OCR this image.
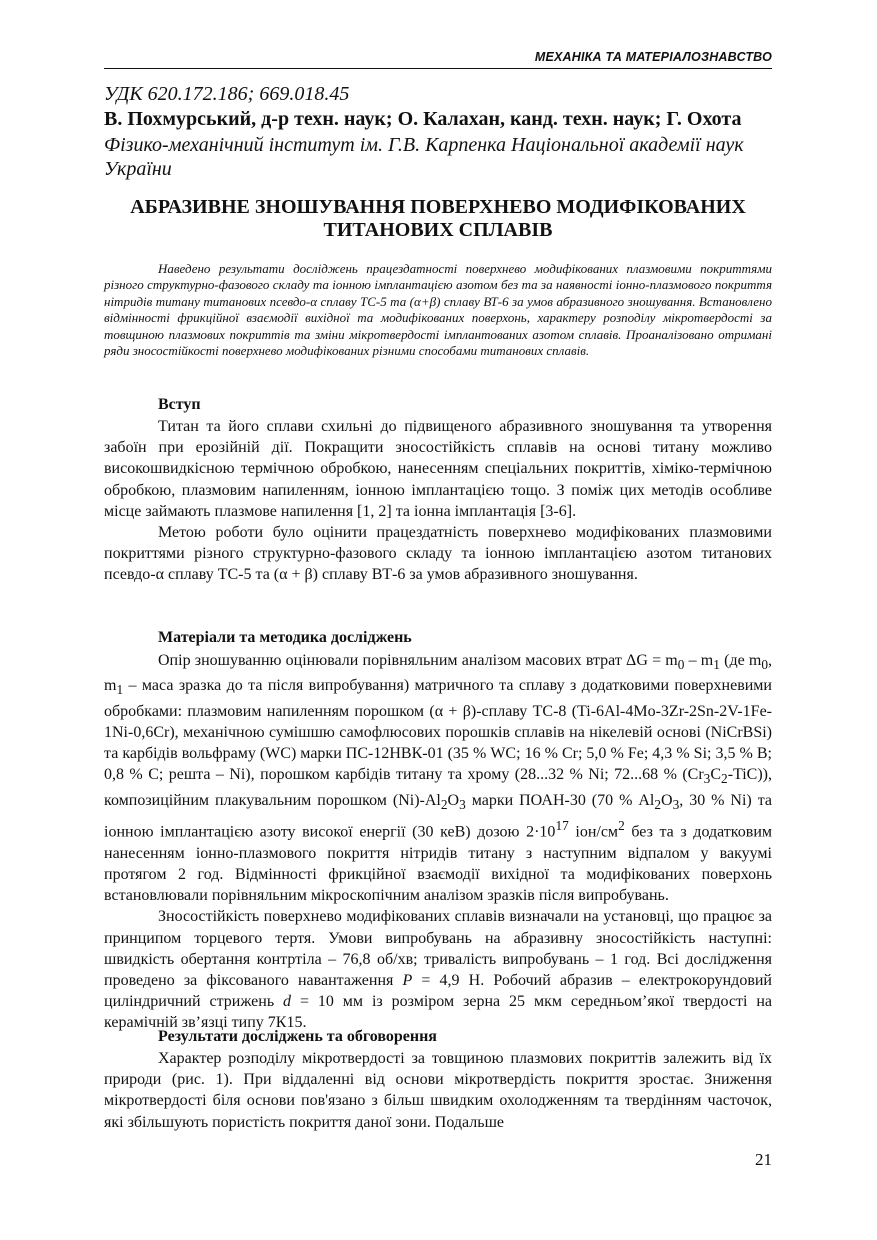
МЕХАНІКА ТА МАТЕРІАЛОЗНАВСТВО
УДК 620.172.186; 669.018.45
В. Похмурський, д-р техн. наук; О. Калахан, канд. техн. наук; Г. Охота
Фізико-механічний інститут ім. Г.В. Карпенка Національної академії наук України
АБРАЗИВНЕ ЗНОШУВАННЯ ПОВЕРХНЕВО МОДИФІКОВАНИХ
ТИТАНОВИХ СПЛАВІВ
Наведено результати досліджень працездатності поверхнево модифікованих плазмовими покриттями різного структурно-фазового складу та іонною імплантацією азотом без та за наявності іонно-плазмового покриття нітридів титану титанових псевдо-α сплаву ТС-5 та (α+β) сплаву ВТ-6 за умов абразивного зношування. Встановлено відмінності фрикційної взаємодії вихідної та модифікованих поверхонь, характеру розподілу мікротвердості за товщиною плазмових покриттів та зміни мікротвердості імплантованих азотом сплавів. Проаналізовано отримані ряди зносостійкості поверхнево модифікованих різними способами титанових сплавів.
Вступ

Титан та його сплави схильні до підвищеного абразивного зношування та утворення забоїн при ерозійній дії. Покращити зносостійкість сплавів на основі титану можливо високошвидкісною термічною обробкою, нанесенням спеціальних покриттів, хіміко-термічною обробкою, плазмовим напиленням, іонною імплантацією тощо. З поміж цих методів особливе місце займають плазмове напилення [1, 2] та іонна імплантація [3-6].

Метою роботи було оцінити працездатність поверхнево модифікованих плазмовими покриттями різного структурно-фазового складу та іонною імплантацією азотом титанових псевдо-α сплаву ТС-5 та (α + β) сплаву ВТ-6 за умов абразивного зношування.

Матеріали та методика досліджень

Опір зношуванню оцінювали порівняльним аналізом масових втрат $\Delta G = m_0 - m_1$ (де $m_0$, $m_1$ – маса зразка до та після випробування) матричного та сплаву з додатковими поверхневими обробками: плазмовим напиленням порошком (α + β)-сплаву ТС-8 (Ti-6Al-4Mo-3Zr-2Sn-2V-1Fe-1Ni-0,6Cr), механічною сумішшю самофлюсових порошків сплавів на нікелевій основі (NiCrBSi) та карбідів вольфраму (WC) марки ПС-12НВК-01 (35 % WC; 16 % Cr; 5,0 % Fe; 4,3 % Si; 3,5 % B; 0,8 % C; решта – Ni), порошком карбідів титану та хрому (28...32 % Ni; 72...68 % $(Cr_3C_2-TiC)$), композиційним плакувальним порошком $(Ni)-Al_2O_3$ марки ПОАН-30 (70 % $Al_2O_3$, 30 % Ni) та іонною імплантацією азоту високої енергії (30 кеВ) дозою $2\cdot 10^{17}$ іон/$см^2$ без та з додатковим нанесенням іонно-плазмового покриття нітридів титану з наступним відпалом у вакуумі протягом 2 год. Відмінності фрикційної взаємодії вихідної та модифікованих поверхонь встановлювали порівняльним мікроскопічним аналізом зразків після випробувань.

Зносостійкість поверхнево модифікованих сплавів визначали на установці, що працює за принципом торцевого тертя. Умови випробувань на абразивну зносостійкість наступні: швидкість обертання контртіла – 76,8 об/хв; тривалість випробувань – 1 год. Всі дослідження проведено за фіксованого навантаження P = 4,9 Н. Робочий абразив – електрокорундовий циліндричний стрижень d = 10 мм із розміром зерна 25 мкм середньом’якої твердості на керамічній зв’язці типу 7К15.

Результати досліджень та обговорення

Характер розподілу мікротвердості за товщиною плазмових покриттів залежить від їх природи (рис. 1). При віддаленні від основи мікротвердість покриття зростає. Зниження мікротвердості біля основи пов'язано з більш швидким охолодженням та твердінням часточок, які збільшують пористість покриття даної зони. Подальше

21
